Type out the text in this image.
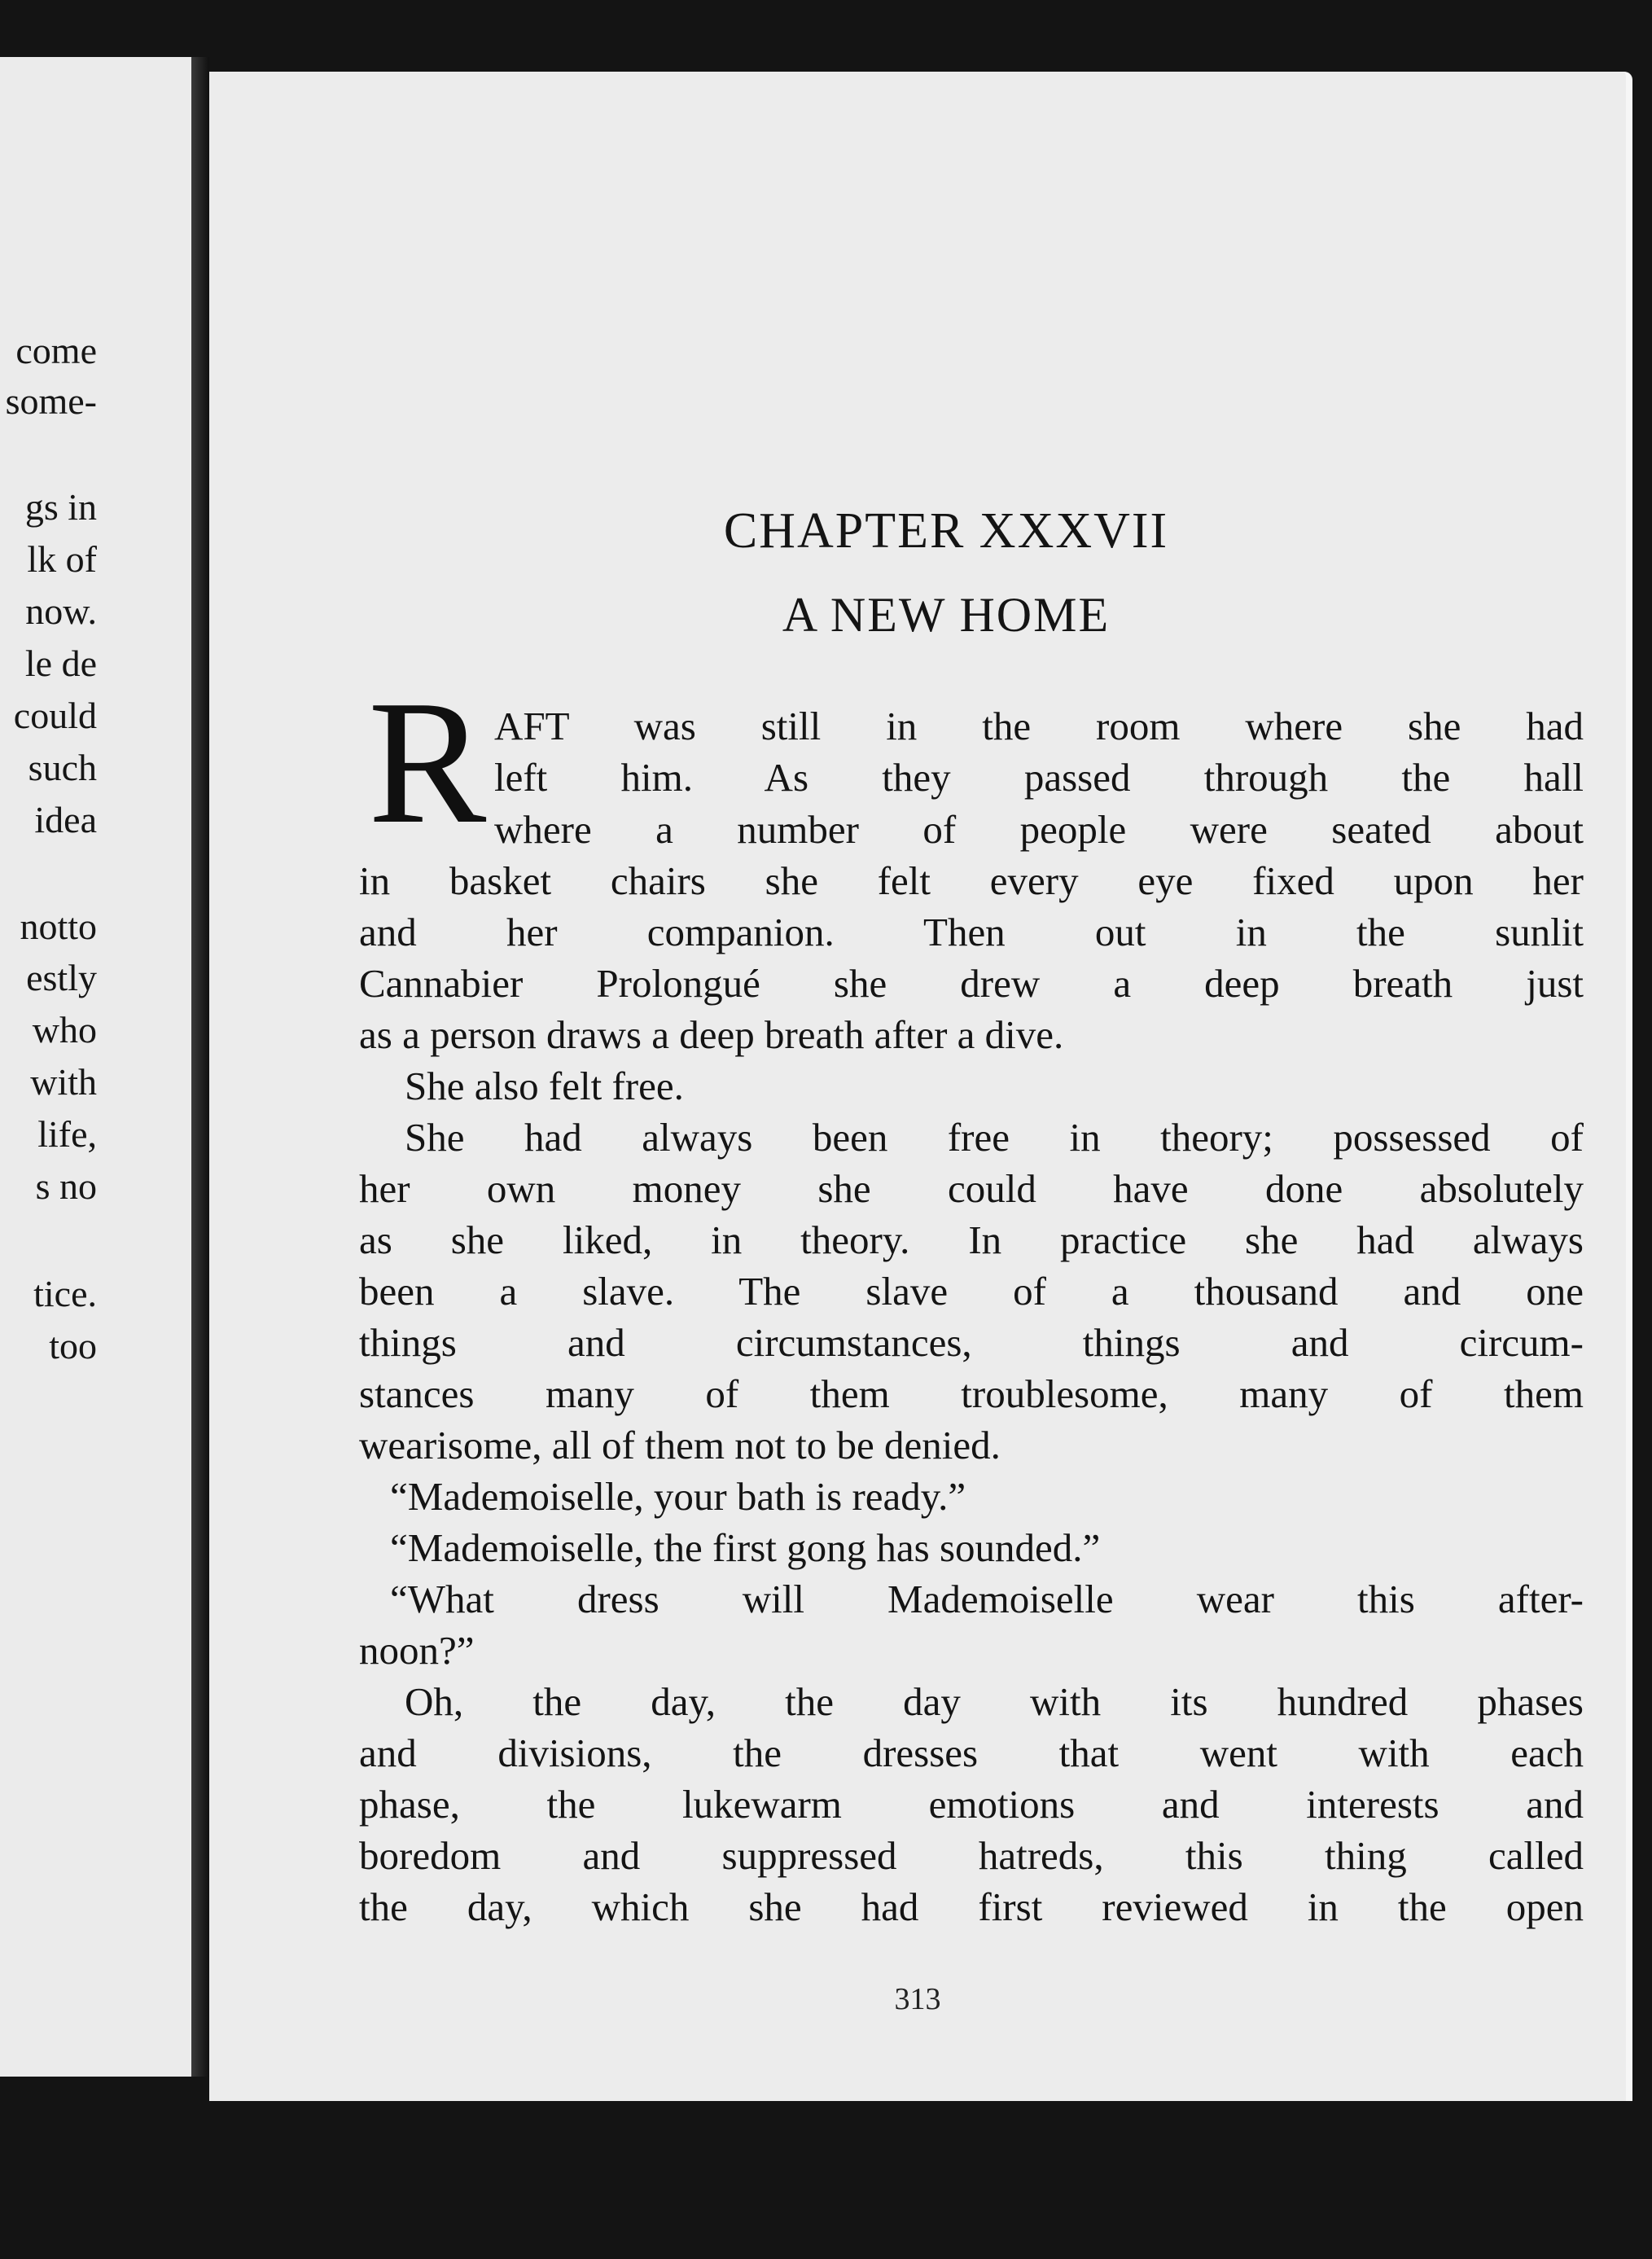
come
some-
gs in
lk of
now.
le de
could
such
idea
notto
estly
who
with
life,
s no
tice.
too
CHAPTER XXXVII
A NEW HOME
R AFT was still in the room where she had
left him. As they passed through the hall
where a number of people were seated about
in basket chairs she felt every eye fixed upon her
and her companion. Then out in the sunlit
Cannabier Prolongué she drew a deep breath just
as a person draws a deep breath after a dive.
She also felt free.
She had always been free in theory; possessed of
her own money she could have done absolutely
as she liked, in theory. In practice she had always
been a slave. The slave of a thousand and one
things and circumstances, things and circum-
stances many of them troublesome, many of them
wearisome, all of them not to be denied.
“Mademoiselle, your bath is ready.”
“Mademoiselle, the first gong has sounded.”
“What dress will Mademoiselle wear this after-
noon?”
Oh, the day, the day with its hundred phases
and divisions, the dresses that went with each
phase, the lukewarm emotions and interests and
boredom and suppressed hatreds, this thing called
the day, which she had first reviewed in the open
313
